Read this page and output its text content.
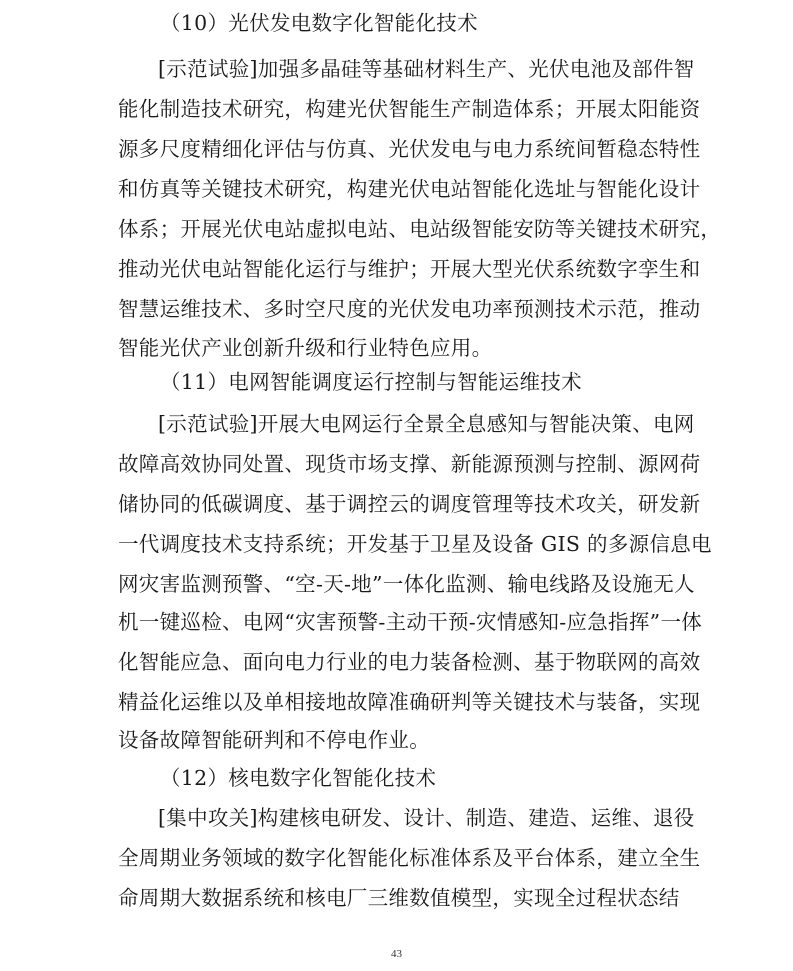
（10）光伏发电数字化智能化技术
[示范试验]加强多晶硅等基础材料生产、光伏电池及部件智
能化制造技术研究，构建光伏智能生产制造体系；开展太阳能资
源多尺度精细化评估与仿真、光伏发电与电力系统间暂稳态特性
和仿真等关键技术研究，构建光伏电站智能化选址与智能化设计
体系；开展光伏电站虚拟电站、电站级智能安防等关键技术研究，
推动光伏电站智能化运行与维护；开展大型光伏系统数字孪生和
智慧运维技术、多时空尺度的光伏发电功率预测技术示范，推动
智能光伏产业创新升级和行业特色应用。
（11）电网智能调度运行控制与智能运维技术
[示范试验]开展大电网运行全景全息感知与智能决策、电网
故障高效协同处置、现货市场支撑、新能源预测与控制、源网荷
储协同的低碳调度、基于调控云的调度管理等技术攻关，研发新
一代调度技术支持系统；开发基于卫星及设备 GIS 的多源信息电
网灾害监测预警、“空-天-地”一体化监测、输电线路及设施无人
机一键巡检、电网“灾害预警-主动干预-灾情感知-应急指挥”一体
化智能应急、面向电力行业的电力装备检测、基于物联网的高效
精益化运维以及单相接地故障准确研判等关键技术与装备，实现
设备故障智能研判和不停电作业。
（12）核电数字化智能化技术
[集中攻关]构建核电研发、设计、制造、建造、运维、退役
全周期业务领域的数字化智能化标准体系及平台体系，建立全生
命周期大数据系统和核电厂三维数值模型，实现全过程状态结
43
